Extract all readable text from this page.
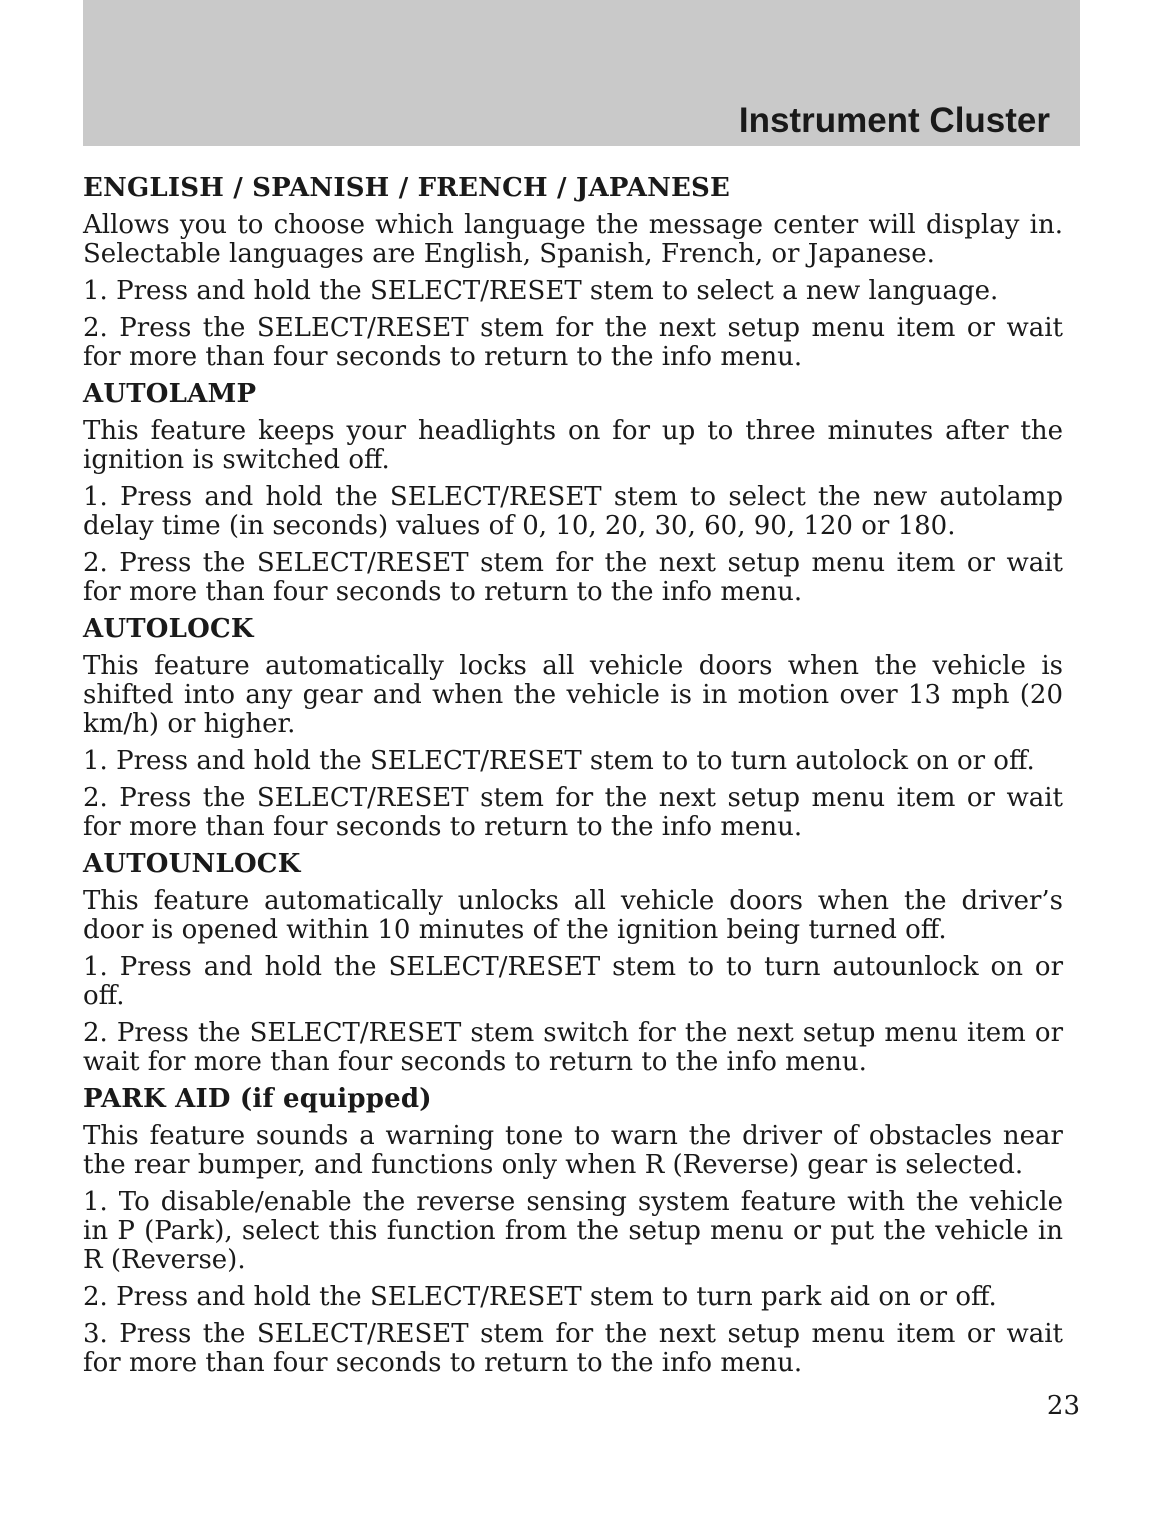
Instrument Cluster
ENGLISH / SPANISH / FRENCH / JAPANESE

Allows you to choose which language the message center will display in. Selectable languages are English, Spanish, French, or Japanese.

1. Press and hold the SELECT/RESET stem to select a new language.

2. Press the SELECT/RESET stem for the next setup menu item or wait for more than four seconds to return to the info menu.

AUTOLAMP

This feature keeps your headlights on for up to three minutes after the ignition is switched off.

1. Press and hold the SELECT/RESET stem to select the new autolamp delay time (in seconds) values of 0, 10, 20, 30, 60, 90, 120 or 180.

2. Press the SELECT/RESET stem for the next setup menu item or wait for more than four seconds to return to the info menu.

AUTOLOCK

This feature automatically locks all vehicle doors when the vehicle is shifted into any gear and when the vehicle is in motion over 13 mph (20 km/h) or higher.

1. Press and hold the SELECT/RESET stem to to turn autolock on or off.

2. Press the SELECT/RESET stem for the next setup menu item or wait for more than four seconds to return to the info menu.

AUTOUNLOCK

This feature automatically unlocks all vehicle doors when the driver’s door is opened within 10 minutes of the ignition being turned off.

1. Press and hold the SELECT/RESET stem to to turn autounlock on or off.

2. Press the SELECT/RESET stem switch for the next setup menu item or wait for more than four seconds to return to the info menu.

PARK AID (if equipped)

This feature sounds a warning tone to warn the driver of obstacles near the rear bumper, and functions only when R (Reverse) gear is selected.

1. To disable/enable the reverse sensing system feature with the vehicle in P (Park), select this function from the setup menu or put the vehicle in R (Reverse).

2. Press and hold the SELECT/RESET stem to turn park aid on or off.

3. Press the SELECT/RESET stem for the next setup menu item or wait for more than four seconds to return to the info menu.

23
